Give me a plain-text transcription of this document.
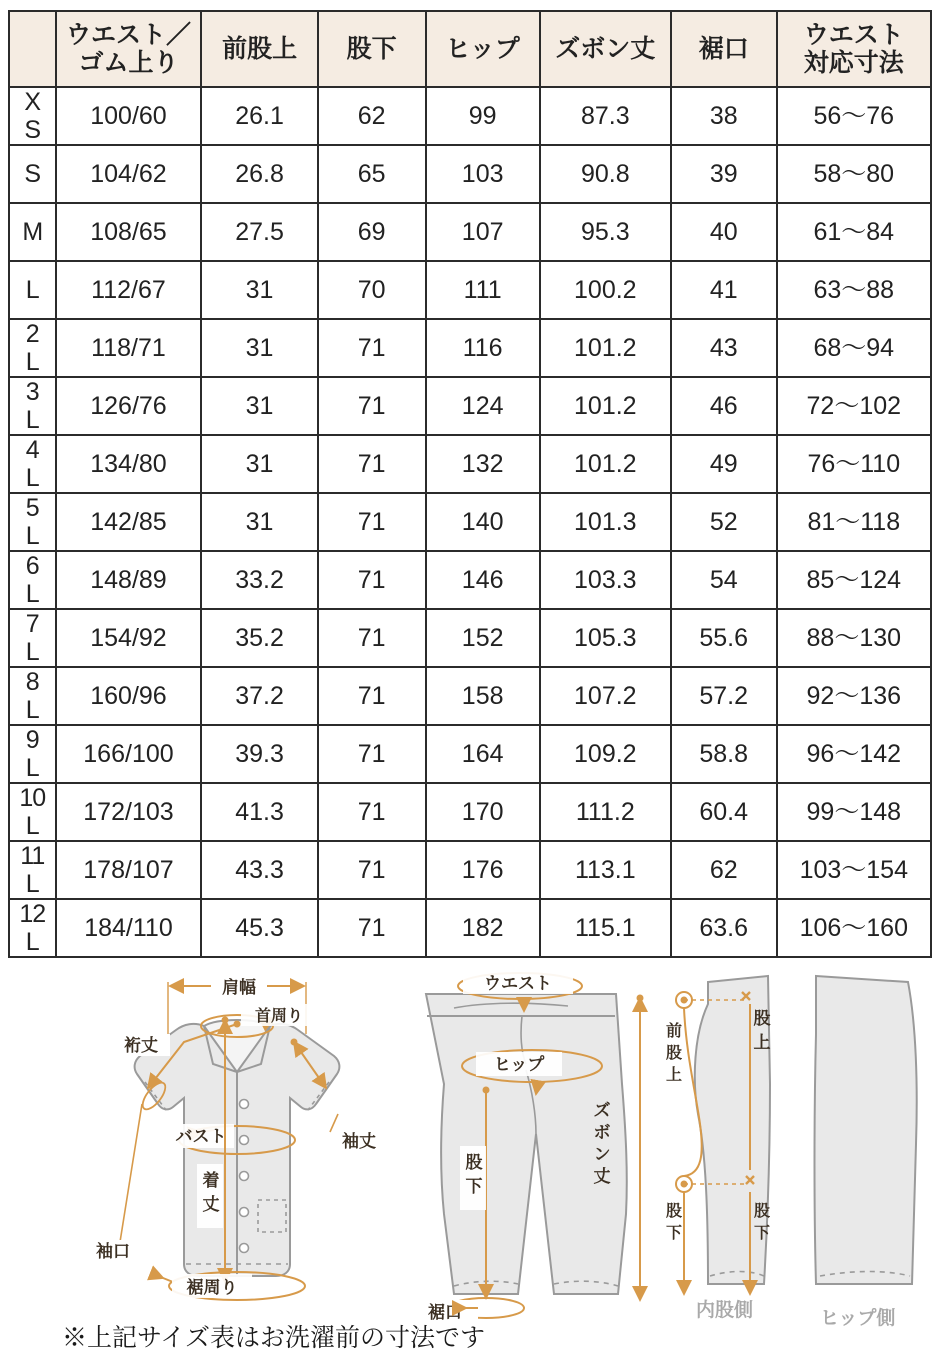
	ウエスト／
ゴム上り	前股上	股下	ヒップ	ズボン丈	裾口	ウエスト
対応寸法

X
S	100/60	26.1	62	99	87.3	38	56〜76

S	104/62	26.8	65	103	90.8	39	58〜80

M	108/65	27.5	69	107	95.3	40	61〜84

L	112/67	31	70	111	100.2	41	63〜88

2
L	118/71	31	71	116	101.2	43	68〜94

3
L	126/76	31	71	124	101.2	46	72〜102

4
L	134/80	31	71	132	101.2	49	76〜110

5
L	142/85	31	71	140	101.3	52	81〜118

6
L	148/89	33.2	71	146	103.3	54	85〜124

7
L	154/92	35.2	71	152	105.3	55.6	88〜130

8
L	160/96	37.2	71	158	107.2	57.2	92〜136

9
L	166/100	39.3	71	164	109.2	58.8	96〜142

10
L	172/103	41.3	71	170	111.2	60.4	99〜148

11
L	178/107	43.3	71	176	113.1	62	103〜154

12
L	184/110	45.3	71	182	115.1	63.6	106〜160
肩幅
首周り
裄丈
バスト	袖丈
着
丈
袖口
裾周り
ウエスト
ヒップ
股
下
ズ
ボ
ン
丈
裾口
前
股
上
股
上
股
下
股
下
内股側	ヒップ側
※上記サイズ表はお洗濯前の寸法です
